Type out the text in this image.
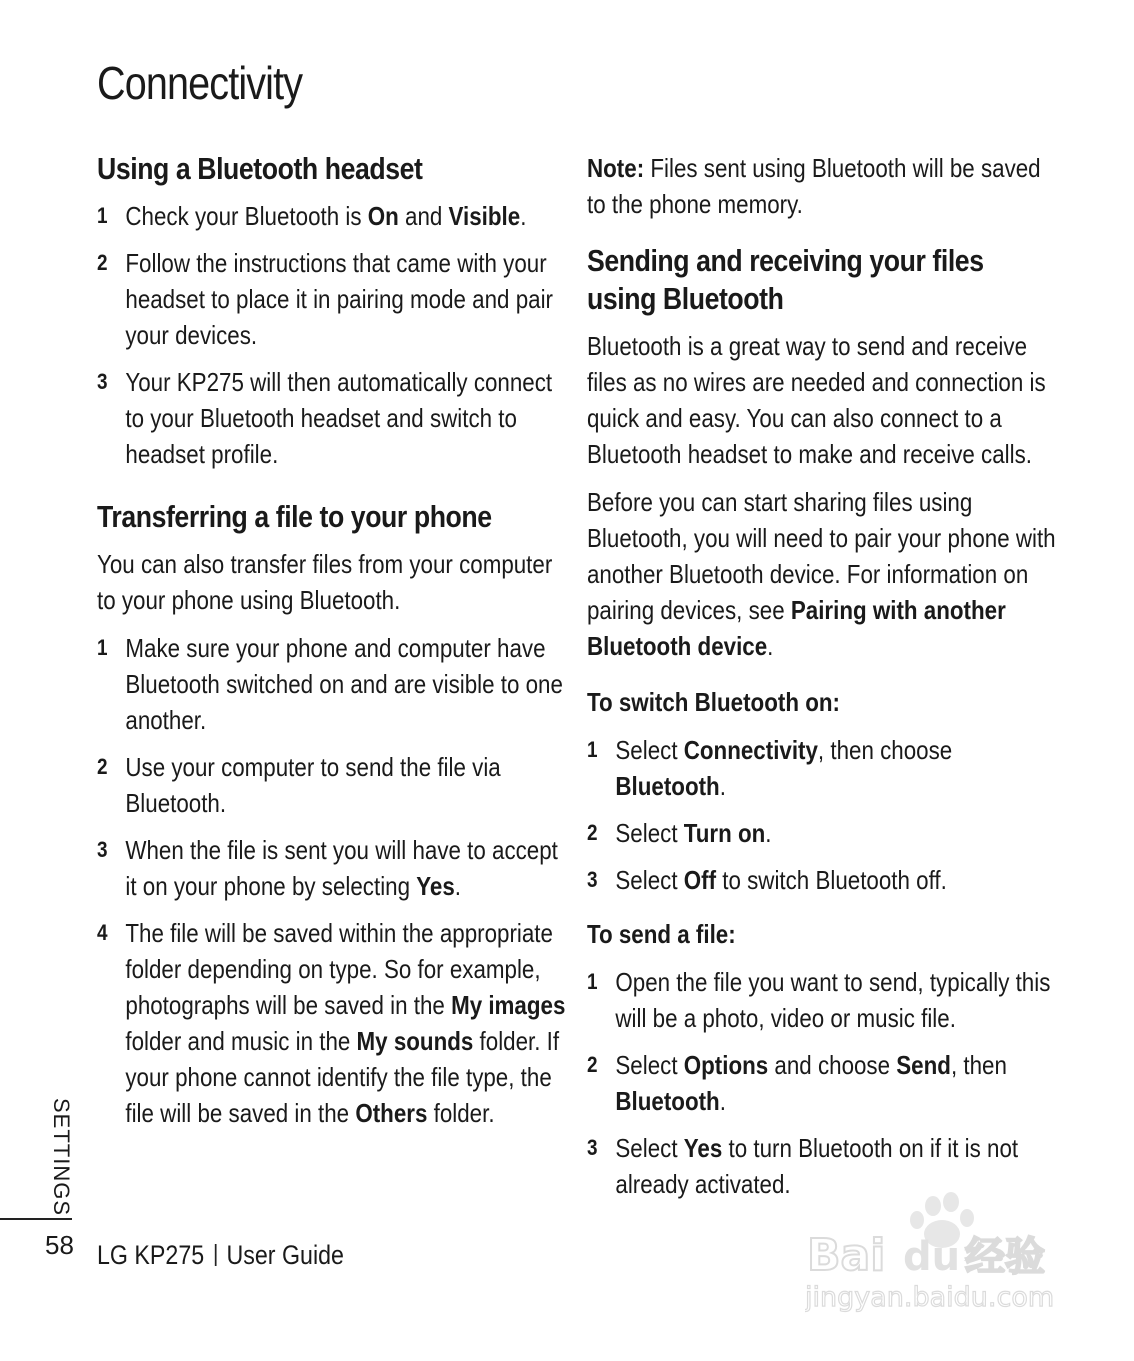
Connectivity
Using a Bluetooth headset
1 Check your Bluetooth is On and Visible.
2 Follow the instructions that came with your headset to place it in pairing mode and pair your devices.
3 Your KP275 will then automatically connect to your Bluetooth headset and switch to headset profile.
Transferring a file to your phone

You can also transfer files from your computer to your phone using Bluetooth.

1 Make sure your phone and computer have Bluetooth switched on and are visible to one another.
2 Use your computer to send the file via Bluetooth.
3 When the file is sent you will have to accept it on your phone by selecting Yes.
4 The file will be saved within the appropriate folder depending on type. So for example, photographs will be saved in the My images folder and music in the My sounds folder. If your phone cannot identify the file type, the file will be saved in the Others folder.

Note: Files sent using Bluetooth will be saved to the phone memory.

Sending and receiving your files using Bluetooth

Bluetooth is a great way to send and receive files as no wires are needed and connection is quick and easy. You can also connect to a Bluetooth headset to make and receive calls.

Before you can start sharing files using Bluetooth, you will need to pair your phone with another Bluetooth device. For information on pairing devices, see Pairing with another Bluetooth device.

To switch Bluetooth on:
1 Select Connectivity, then choose Bluetooth.
2 Select Turn on.
3 Select Off to switch Bluetooth off.
To send a file:
1 Open the file you want to send, typically this will be a photo, video or music file.
2 Select Options and choose Send, then Bluetooth.
3 Select Yes to turn Bluetooth on if it is not already activated.
SETTINGS
58 LG KP275 User Guide	Bai du 经验
jingyan.baidu.com
